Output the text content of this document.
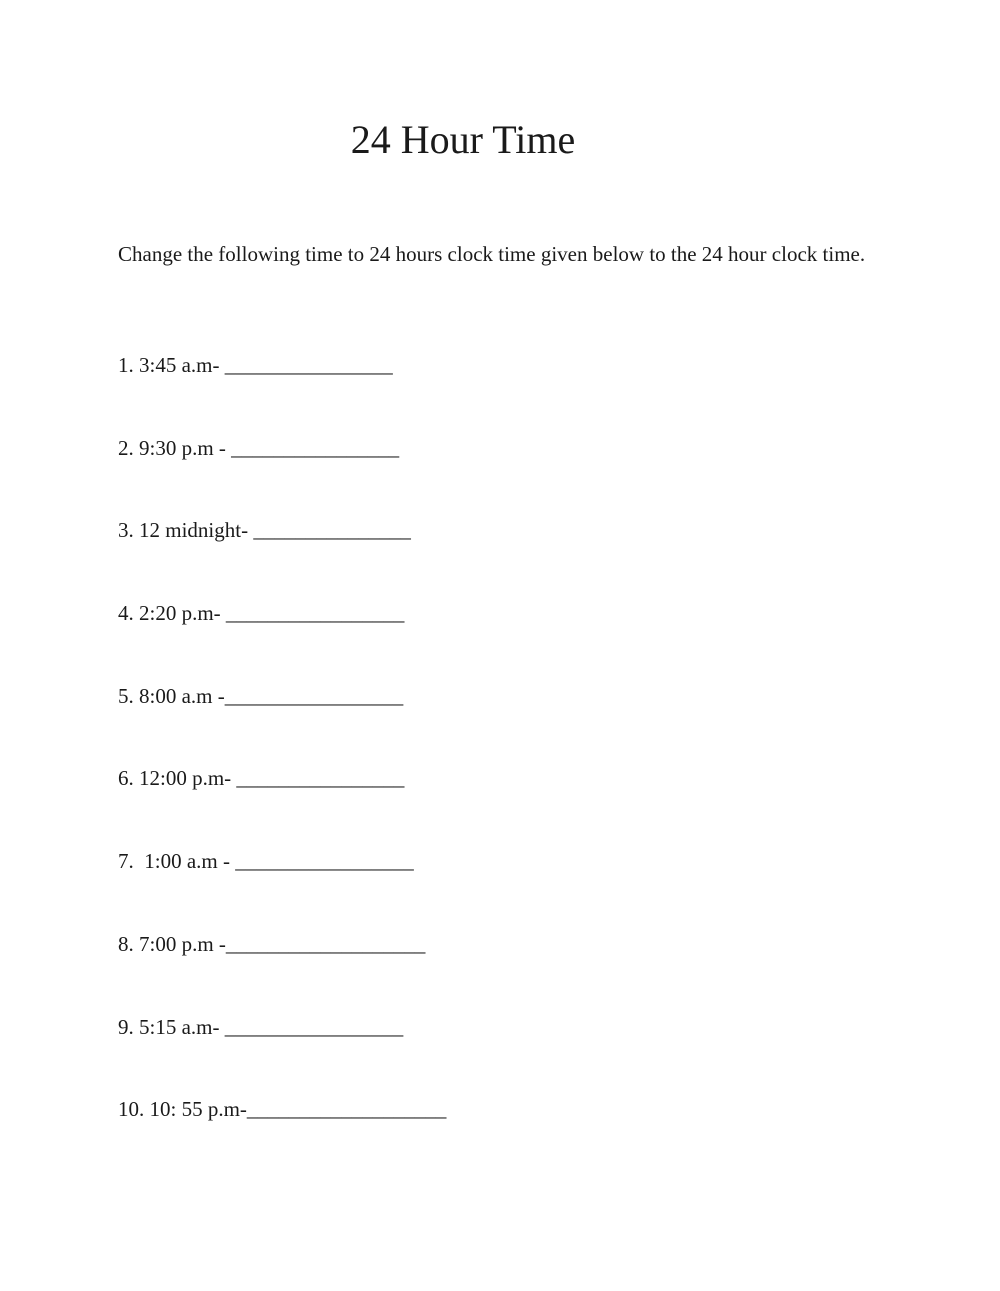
24 Hour Time

Change the following time to 24 hours clock time given below to the 24 hour clock time.

1. 3:45 a.m- ________________
2. 9:30 p.m - ________________
3. 12 midnight- _______________
4. 2:20 p.m- _________________
5. 8:00 a.m -_________________
6. 12:00 p.m- ________________
7.  1:00 a.m - _________________
8. 7:00 p.m -___________________
9. 5:15 a.m- _________________
10. 10: 55 p.m-___________________
